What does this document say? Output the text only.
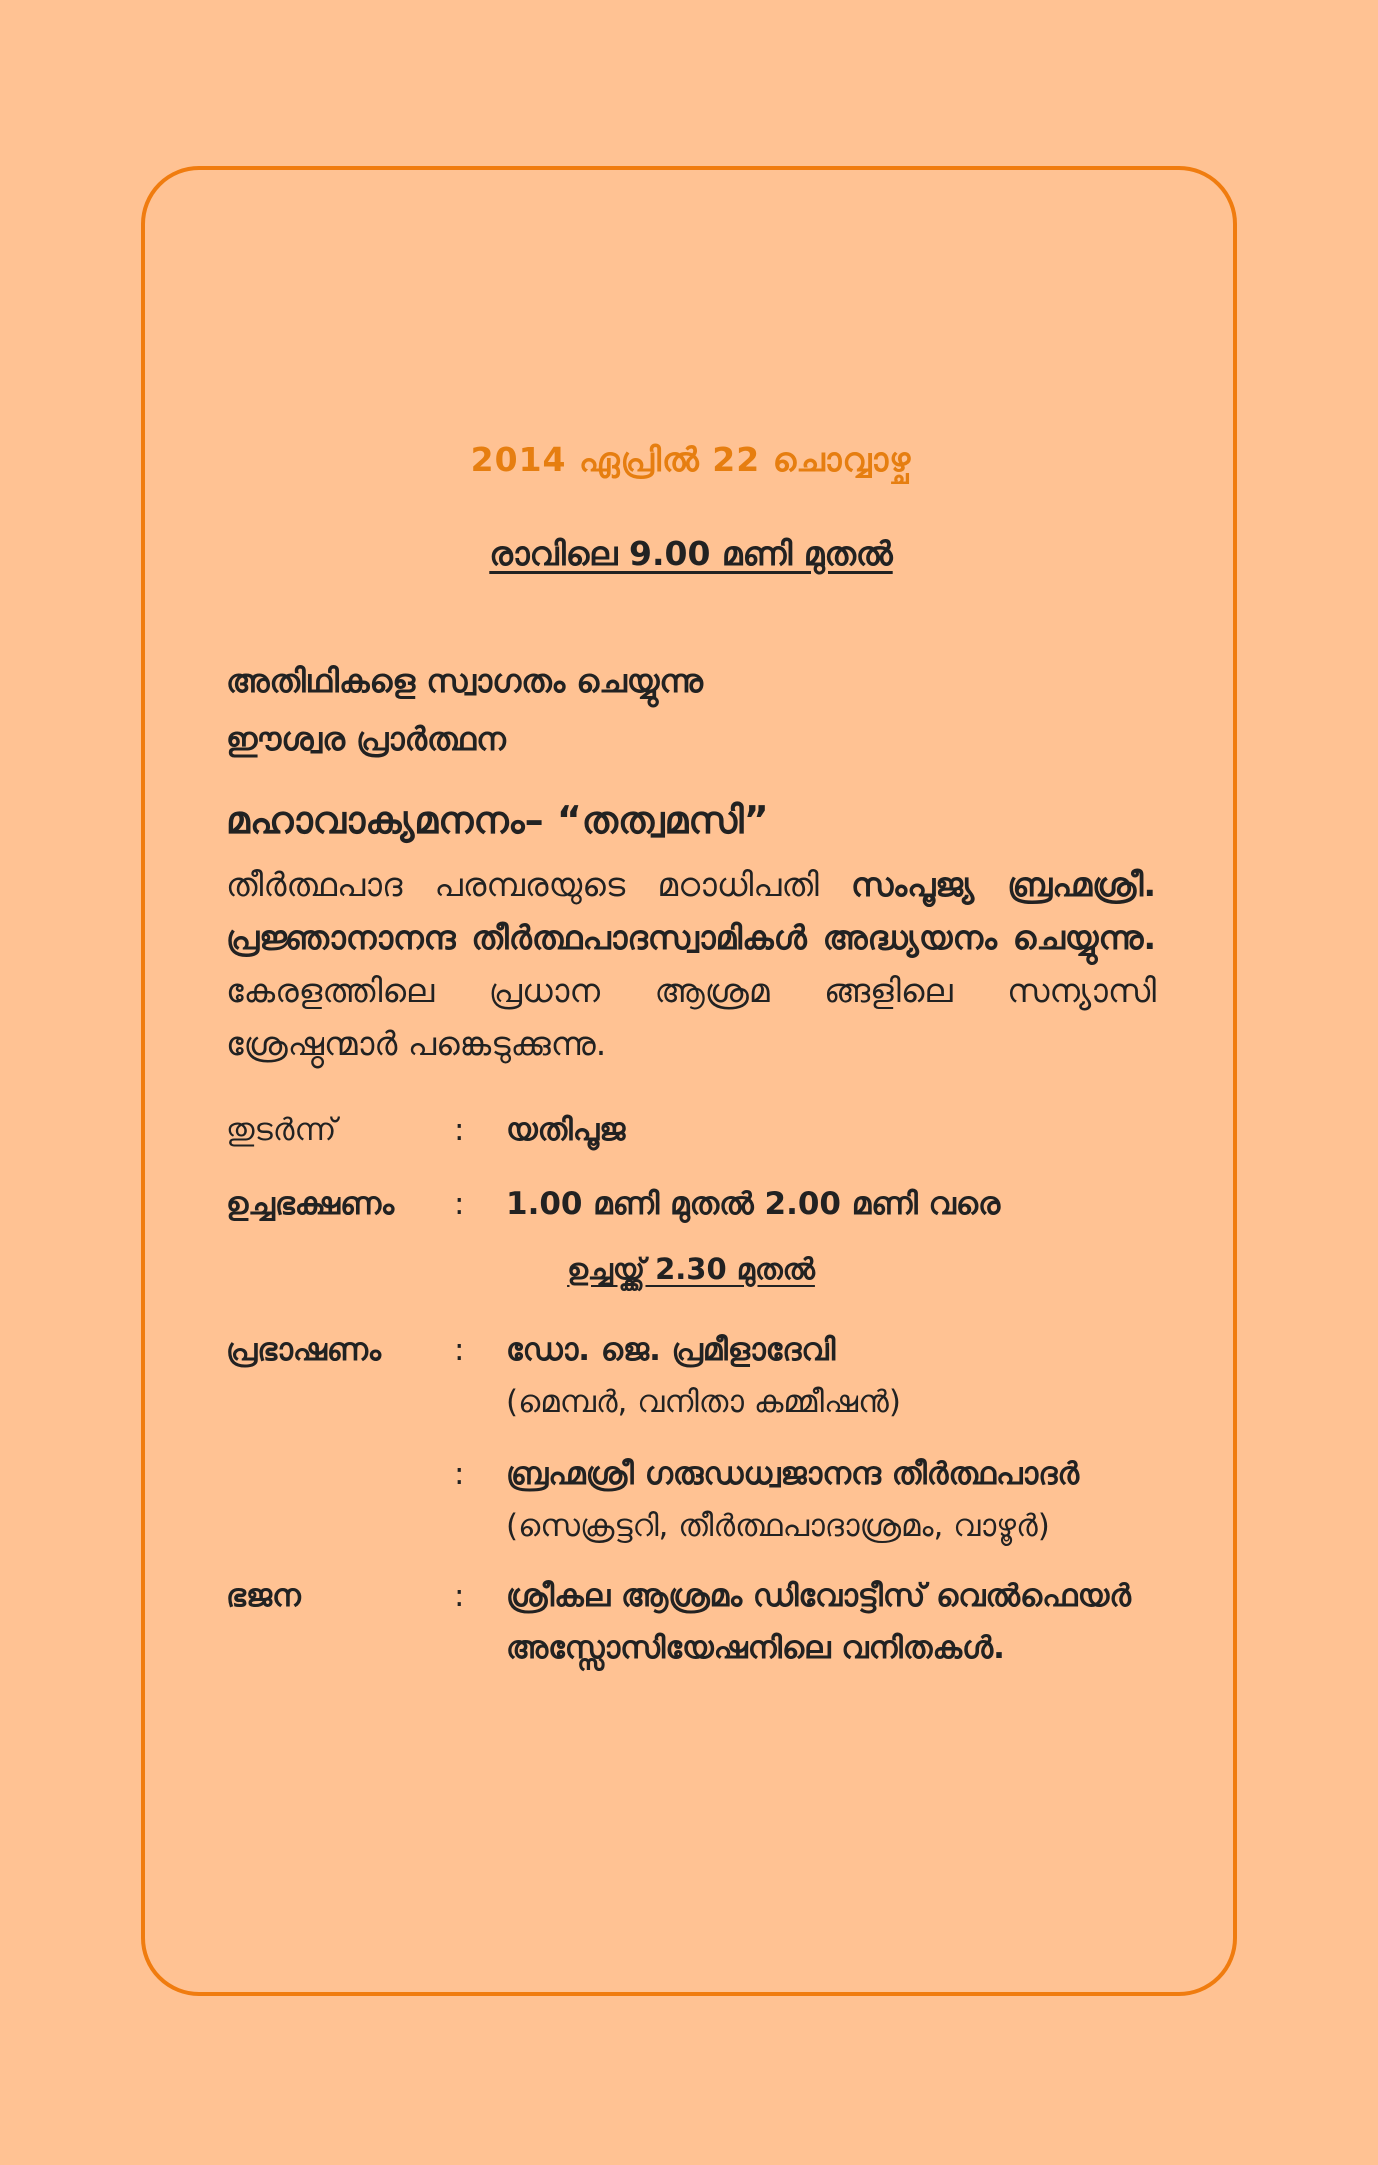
2014 ഏപ്രിൽ 22 ചൊവ്വാഴ്ച
രാവിലെ 9.00 മണി മുതൽ
അതിഥികളെ സ്വാഗതം ചെയ്യുന്നു
ഈശ്വര പ്രാർത്ഥന
മഹാവാക്യമനനം– “തത്വമസി”
തീർത്ഥപാദ പരമ്പരയുടെ മഠാധിപതി സംപൂജ്യ ബ്രഹ്മശ്രീ. പ്രജ്ഞാനാനന്ദ തീർത്ഥപാദസ്വാമികൾ അദ്ധ്യയനം ചെയ്യുന്നു. കേരളത്തിലെ പ്രധാന ആശ്രമ ങ്ങളിലെ സന്യാസി ശ്രേഷ്ഠന്മാർ പങ്കെടുക്കുന്നു.
തുടർന്ന്	: യതിപൂജ
ഉച്ചഭക്ഷണം : 1.00 മണി മുതൽ 2.00 മണി വരെ
ഉച്ചയ്ക്ക് 2.30 മുതൽ
പ്രഭാഷണം : ഡോ. ജെ. പ്രമീളാദേവി
(മെമ്പർ, വനിതാ കമ്മീഷൻ)
: ബ്രഹ്മശ്രീ ഗരുഡധ്വജാനന്ദ തീർത്ഥപാദർ
(സെക്രട്ടറി, തീർത്ഥപാദാശ്രമം, വാഴൂർ)
ഭജന	: ശ്രീകല ആശ്രമം ഡിവോട്ടീസ് വെൽഫെയർ അസ്സോസിയേഷനിലെ വനിതകൾ.
